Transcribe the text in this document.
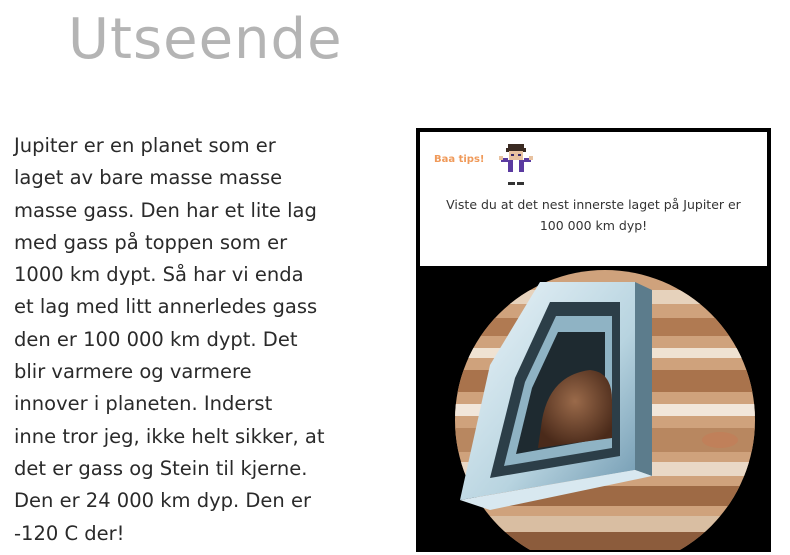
Utseende

Jupiter er en planet som er
laget av bare masse masse
masse gass. Den har et lite lag
med gass på toppen som er
1000 km dypt. Så har vi enda
et lag med litt annerledes gass
den er 100 000 km dypt. Det
blir varmere og varmere
innover i planeten. Inderst
inne tror jeg, ikke helt sikker, at
det er gass og Stein til kjerne.
Den er 24 000 km dyp. Den er
-120 C der!

Baa tips!

Viste du at det nest innerste laget på Jupiter er 100 000 km dyp!
